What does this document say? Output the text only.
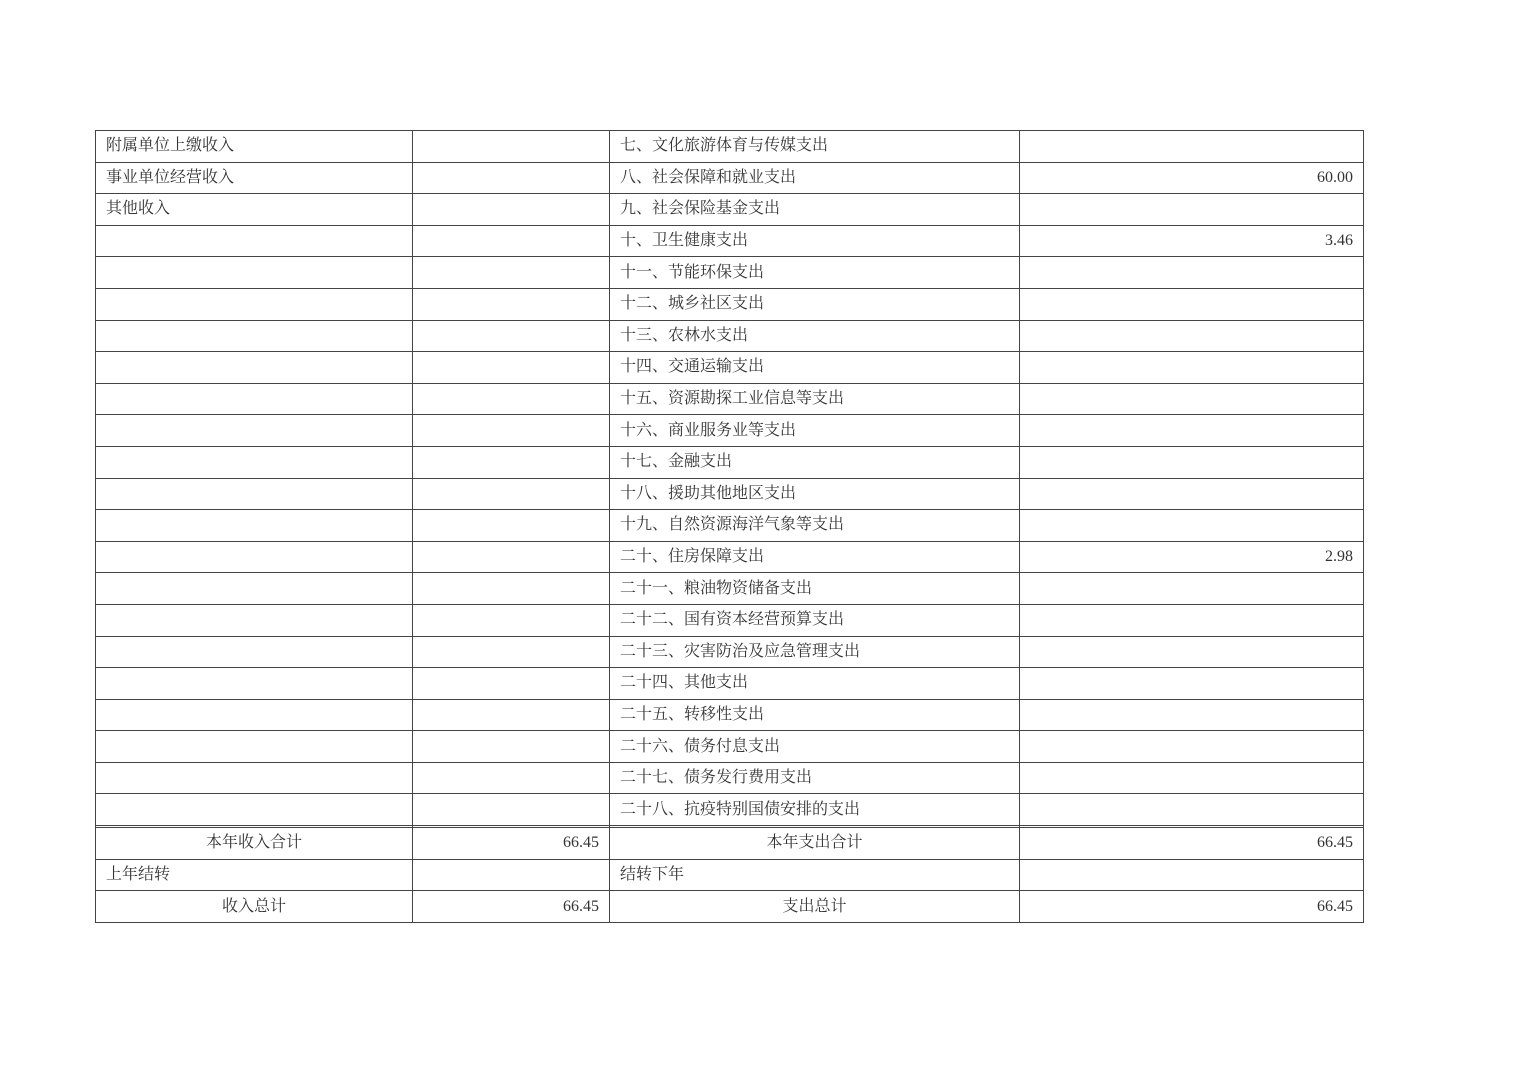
附属单位上缴收入		七、文化旅游体育与传媒支出	
事业单位经营收入		八、社会保障和就业支出	60.00
其他收入		九、社会保险基金支出	
		十、卫生健康支出	3.46
		十一、节能环保支出	
		十二、城乡社区支出	
		十三、农林水支出	
		十四、交通运输支出	
		十五、资源勘探工业信息等支出	
		十六、商业服务业等支出	
		十七、金融支出	
		十八、援助其他地区支出	
		十九、自然资源海洋气象等支出	
		二十、住房保障支出	2.98
		二十一、粮油物资储备支出	
		二十二、国有资本经营预算支出	
		二十三、灾害防治及应急管理支出	
		二十四、其他支出	
		二十五、转移性支出	
		二十六、债务付息支出	
		二十七、债务发行费用支出	
		二十八、抗疫特别国债安排的支出	

本年收入合计	66.45	本年支出合计	66.45
上年结转		结转下年	
收入总计	66.45	支出总计	66.45
